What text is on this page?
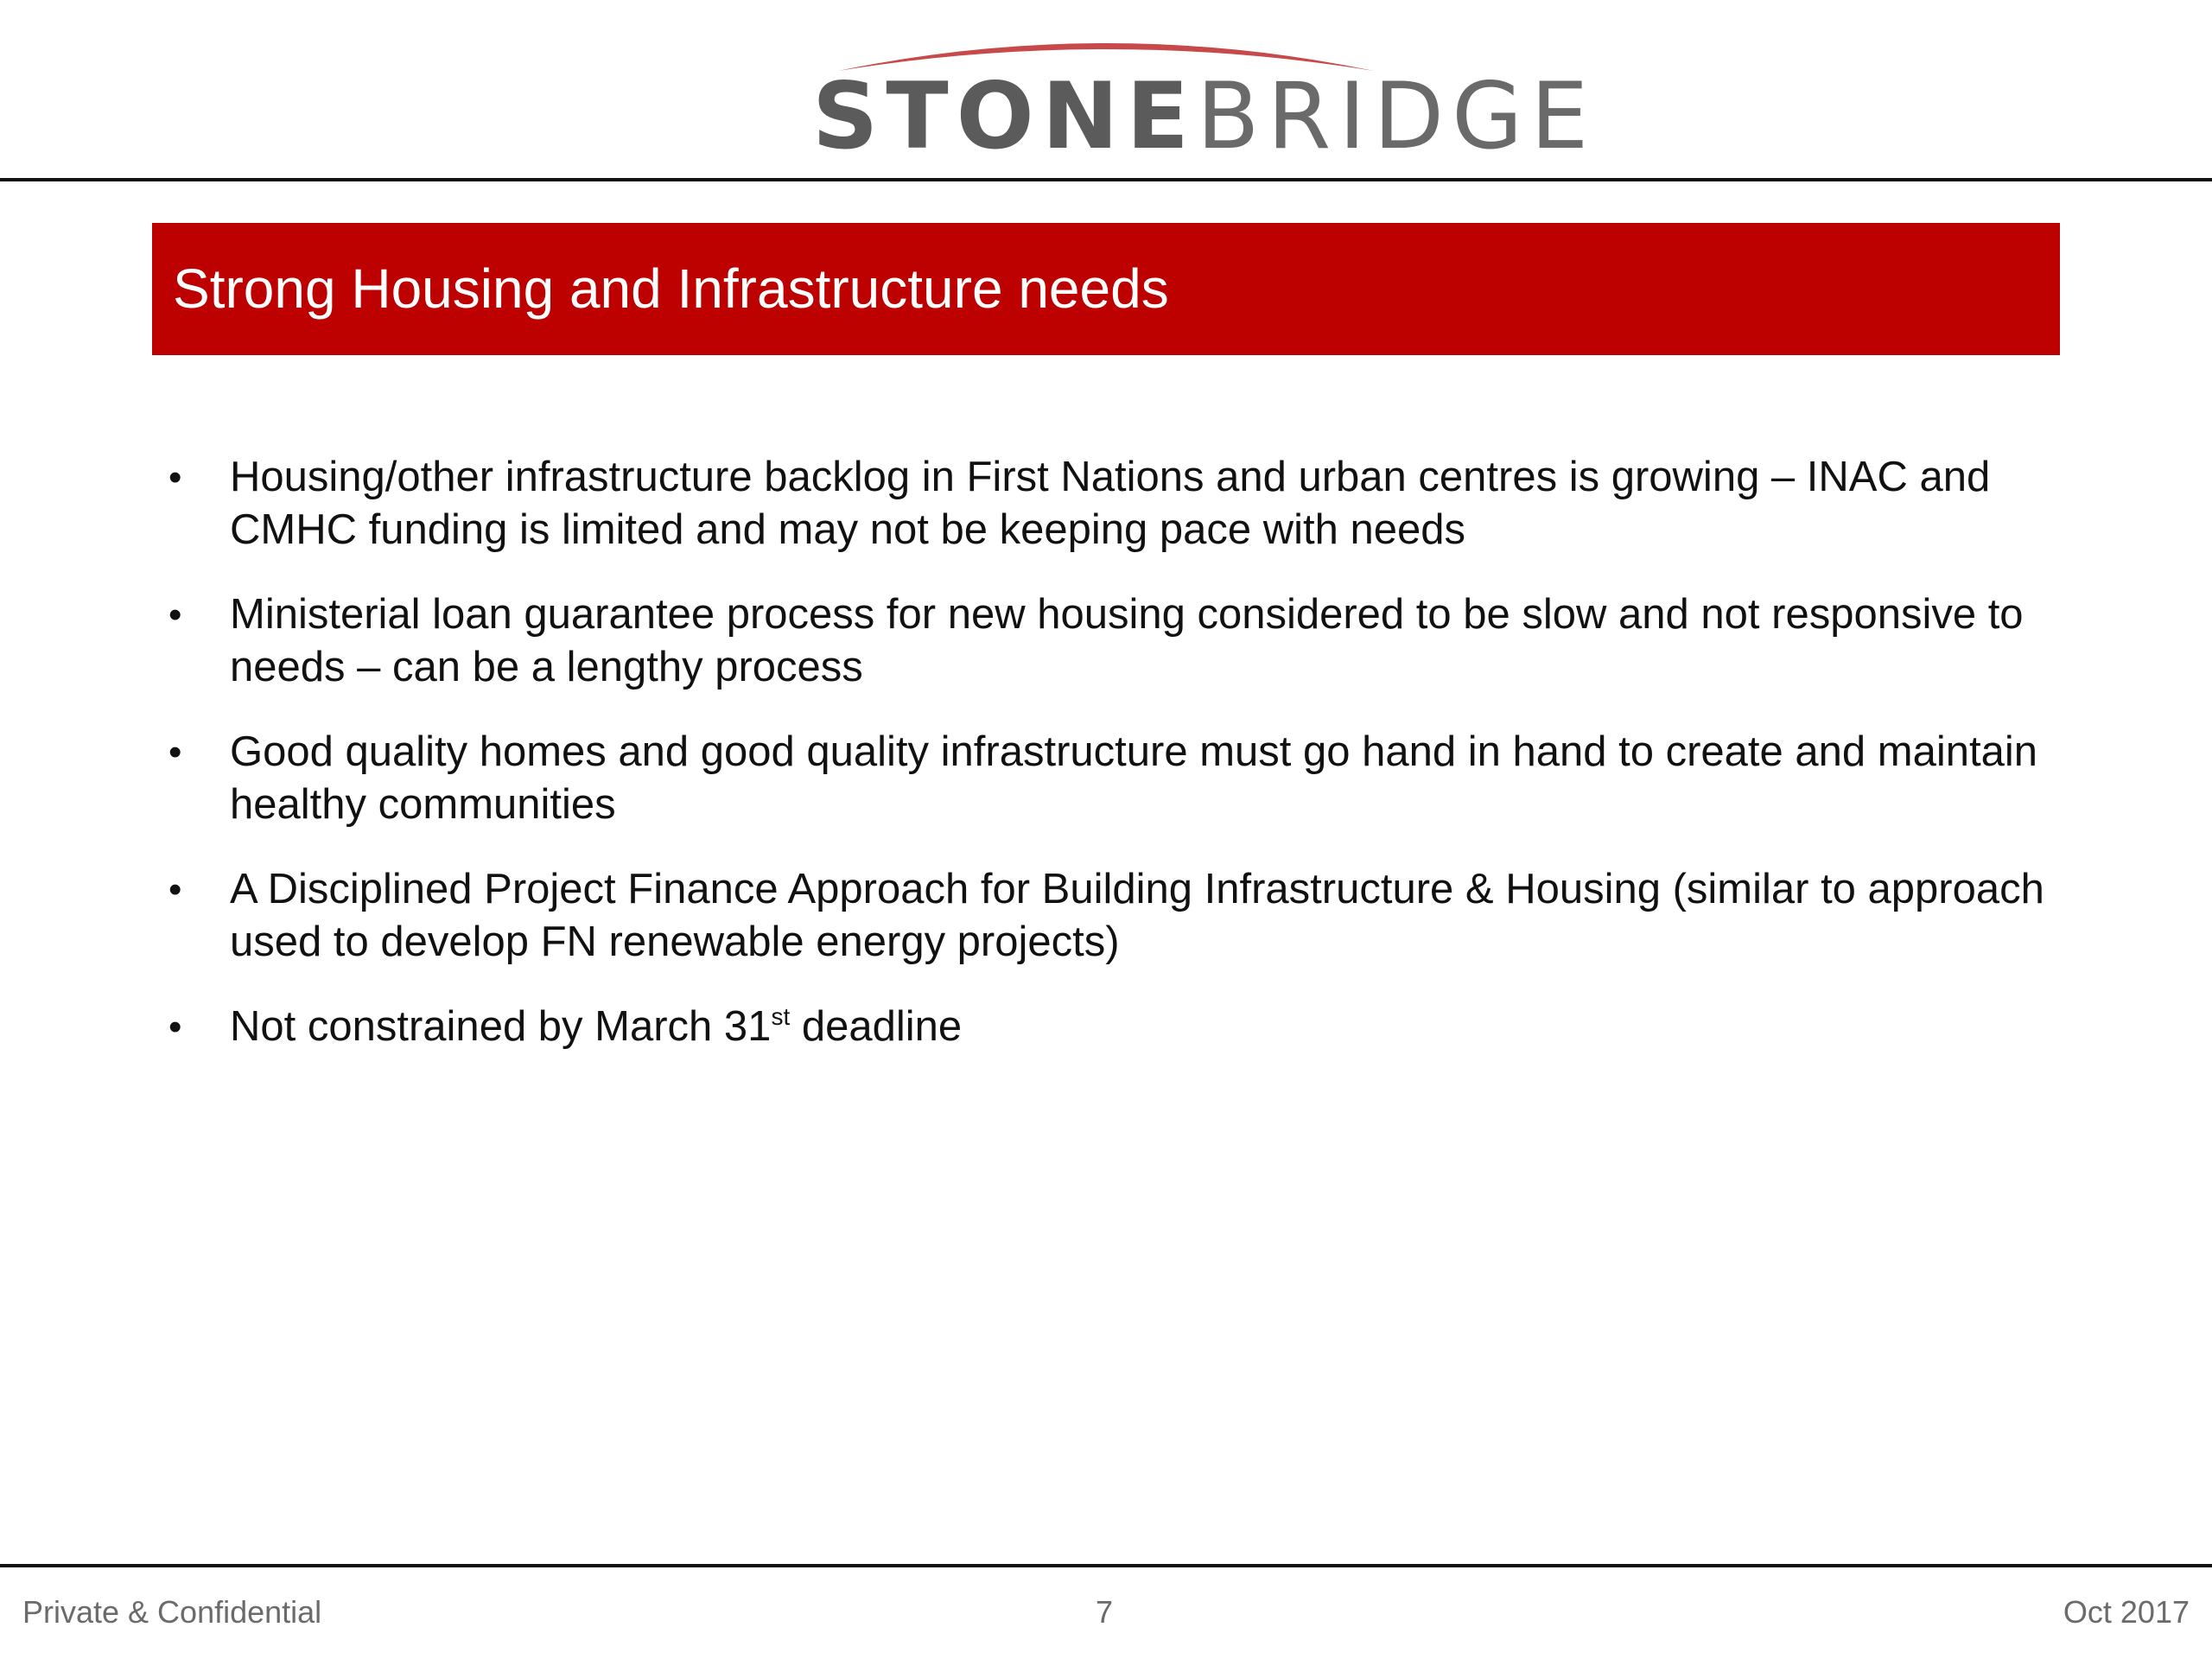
STONEBRIDGE
Strong Housing and Infrastructure needs
• Housing/other infrastructure backlog in First Nations and urban centres is growing – INAC and CMHC funding is limited and may not be keeping pace with needs
• Ministerial loan guarantee process for new housing considered to be slow and not responsive to needs – can be a lengthy process
• Good quality homes and good quality infrastructure must go hand in hand to create and maintain healthy communities
• A Disciplined Project Finance Approach for Building Infrastructure & Housing (similar to approach used to develop FN renewable energy projects)
• Not constrained by March 31st deadline
Private & Confidential	7	Oct 2017
